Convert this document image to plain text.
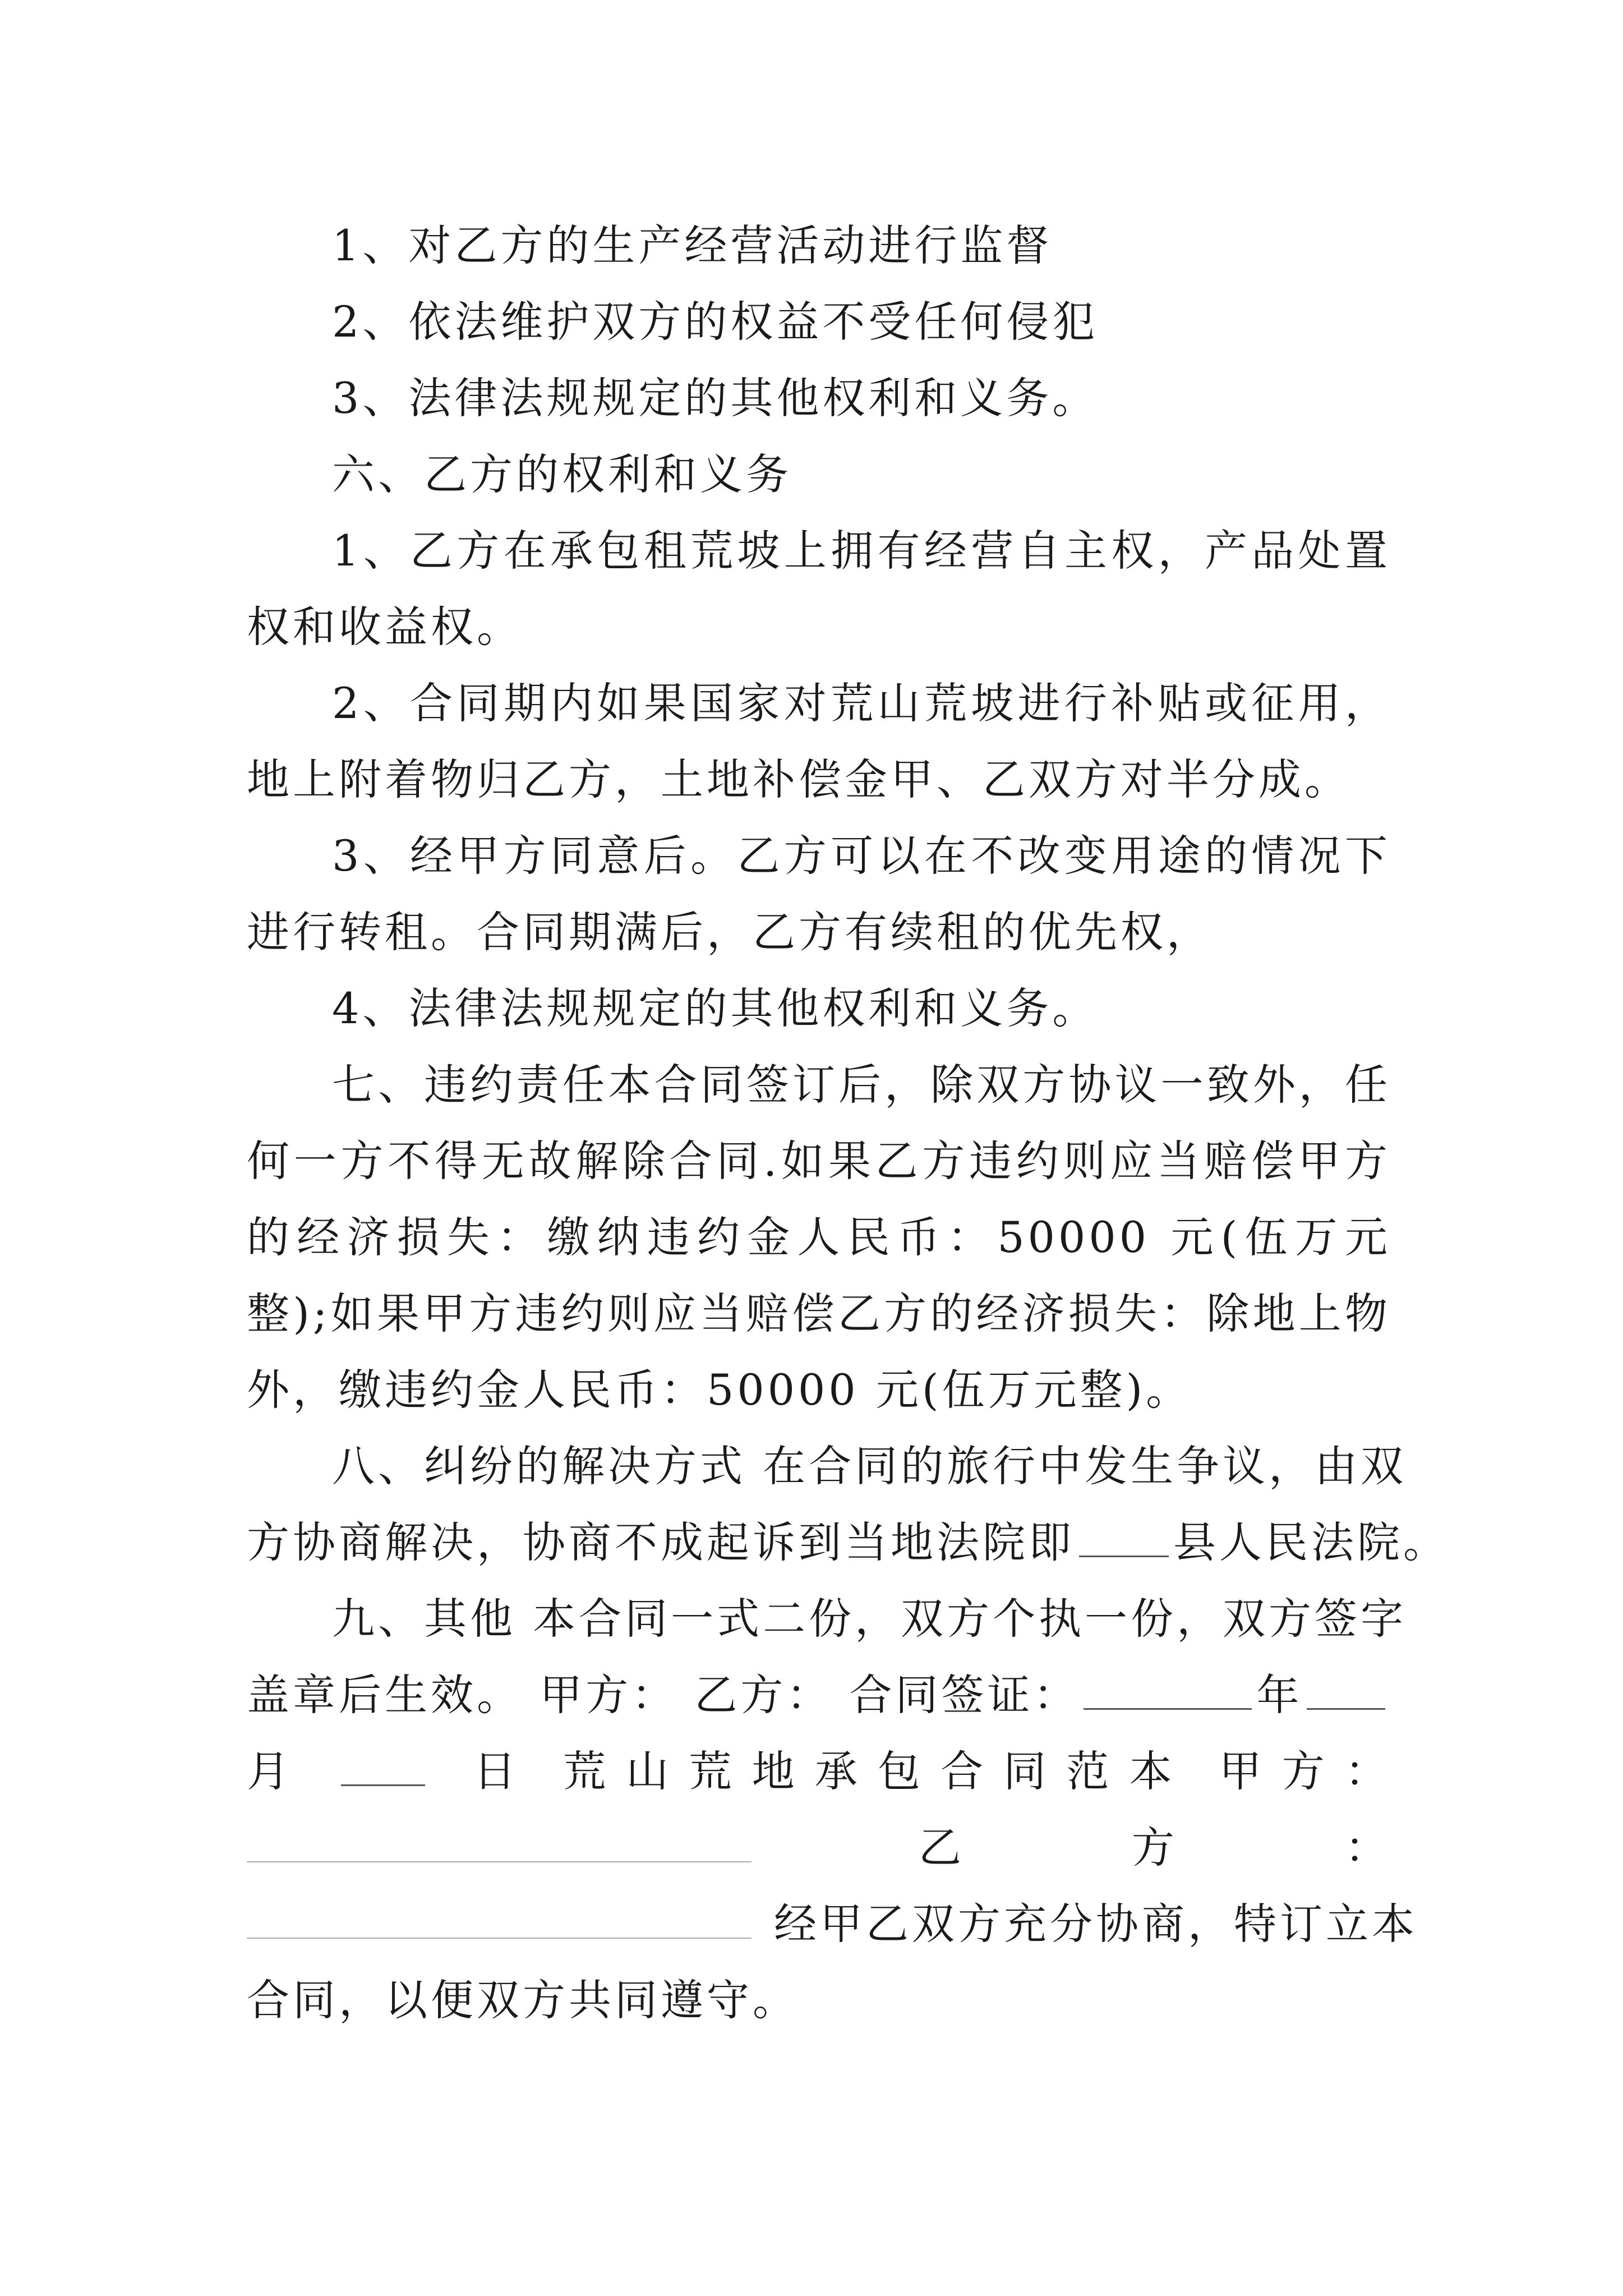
1、对乙方的生产经营活动进行监督

2、依法维护双方的权益不受任何侵犯

3、法律法规规定的其他权利和义务。

六、乙方的权利和义务

1、乙方在承包租荒坡上拥有经营自主权，产品处置权和收益权。

2、合同期内如果国家对荒山荒坡进行补贴或征用，地上附着物归乙方，土地补偿金甲、乙双方对半分成。

3、经甲方同意后。乙方可以在不改变用途的情况下进行转租。合同期满后，乙方有续租的优先权，

4、法律法规规定的其他权利和义务。

七、违约责任本合同签订后，除双方协议一致外，任何一方不得无故解除合同.如果乙方违约则应当赔偿甲方的经济损失：缴纳违约金人民币：50000 元(伍万元整);如果甲方违约则应当赔偿乙方的经济损失：除地上物外，缴违约金人民币：50000 元(伍万元整)。

八、纠纷的解决方式 在合同的旅行中发生争议，由双

方协商解决，协商不成起诉到当地法院即 县人民法院。

九、其他 本合同一式二份，双方个执一份，双方签字

盖章后生效。 甲方： 乙方： 合同签证：	年

月	日 荒 山 荒 地 承 包 合 同 范 本 甲 方 ：
乙	方	：

经甲乙双方充分协商，特订立本

合同，以便双方共同遵守。
